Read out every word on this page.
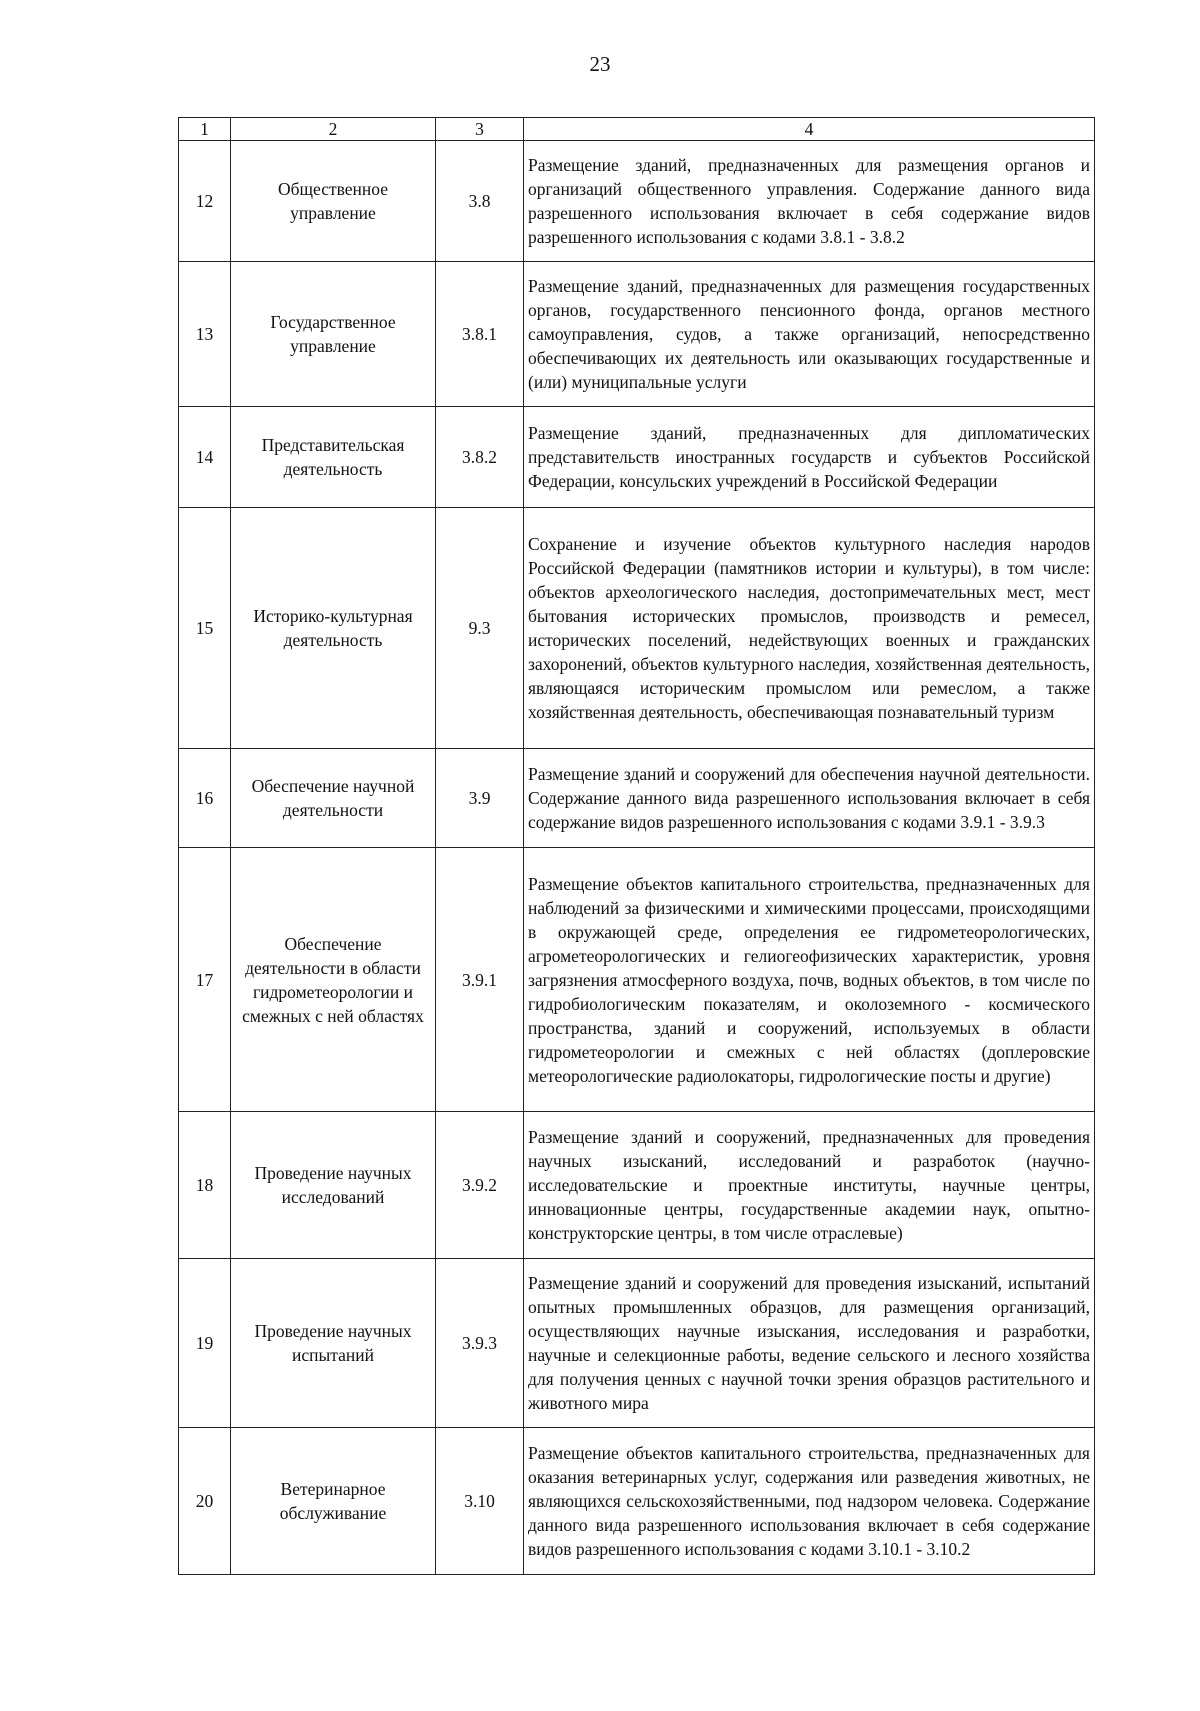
23
1	2	3	4
12	Общественное управление	3.8	Размещение зданий, предназначенных для размещения органов и организаций общественного управления. Содержание данного вида разрешенного использования включает в себя содержание видов разрешенного использования с кодами 3.8.1 - 3.8.2
13	Государственное управление	3.8.1	Размещение зданий, предназначенных для размещения государственных органов, государственного пенсионного фонда, органов местного самоуправления, судов, а также организаций, непосредственно обеспечивающих их деятельность или оказывающих государственные и (или) муниципальные услуги
14	Представительская деятельность	3.8.2	Размещение зданий, предназначенных для дипломатических представительств иностранных государств и субъектов Российской Федерации, консульских учреждений в Российской Федерации
15	Историко-культурная деятельность	9.3	Сохранение и изучение объектов культурного наследия народов Российской Федерации (памятников истории и культуры), в том числе: объектов археологического наследия, достопримечательных мест, мест бытования исторических промыслов, производств и ремесел, исторических поселений, недействующих военных и гражданских захоронений, объектов культурного наследия, хозяйственная деятельность, являющаяся историческим промыслом или ремеслом, а также хозяйственная деятельность, обеспечивающая познавательный туризм
16	Обеспечение научной деятельности	3.9	Размещение зданий и сооружений для обеспечения научной деятельности. Содержание данного вида разрешенного использования включает в себя содержание видов разрешенного использования с кодами 3.9.1 - 3.9.3
17	Обеспечение деятельности в области гидрометеорологии и смежных с ней областях	3.9.1	Размещение объектов капитального строительства, предназначенных для наблюдений за физическими и химическими процессами, происходящими в окружающей среде, определения ее гидрометеорологических, агрометеорологических и гелиогеофизических характеристик, уровня загрязнения атмосферного воздуха, почв, водных объектов, в том числе по гидробиологическим показателям, и околоземного - космического пространства, зданий и сооружений, используемых в области гидрометеорологии и смежных с ней областях (доплеровские метеорологические радиолокаторы, гидрологические посты и другие)
18	Проведение научных исследований	3.9.2	Размещение зданий и сооружений, предназначенных для проведения научных изысканий, исследований и разработок (научно-исследовательские и проектные институты, научные центры, инновационные центры, государственные академии наук, опытно-конструкторские центры, в том числе отраслевые)
19	Проведение научных испытаний	3.9.3	Размещение зданий и сооружений для проведения изысканий, испытаний опытных промышленных образцов, для размещения организаций, осуществляющих научные изыскания, исследования и разработки, научные и селекционные работы, ведение сельского и лесного хозяйства для получения ценных с научной точки зрения образцов растительного и животного мира
20	Ветеринарное обслуживание	3.10	Размещение объектов капитального строительства, предназначенных для оказания ветеринарных услуг, содержания или разведения животных, не являющихся сельскохозяйственными, под надзором человека. Содержание данного вида разрешенного использования включает в себя содержание видов разрешенного использования с кодами 3.10.1 - 3.10.2
